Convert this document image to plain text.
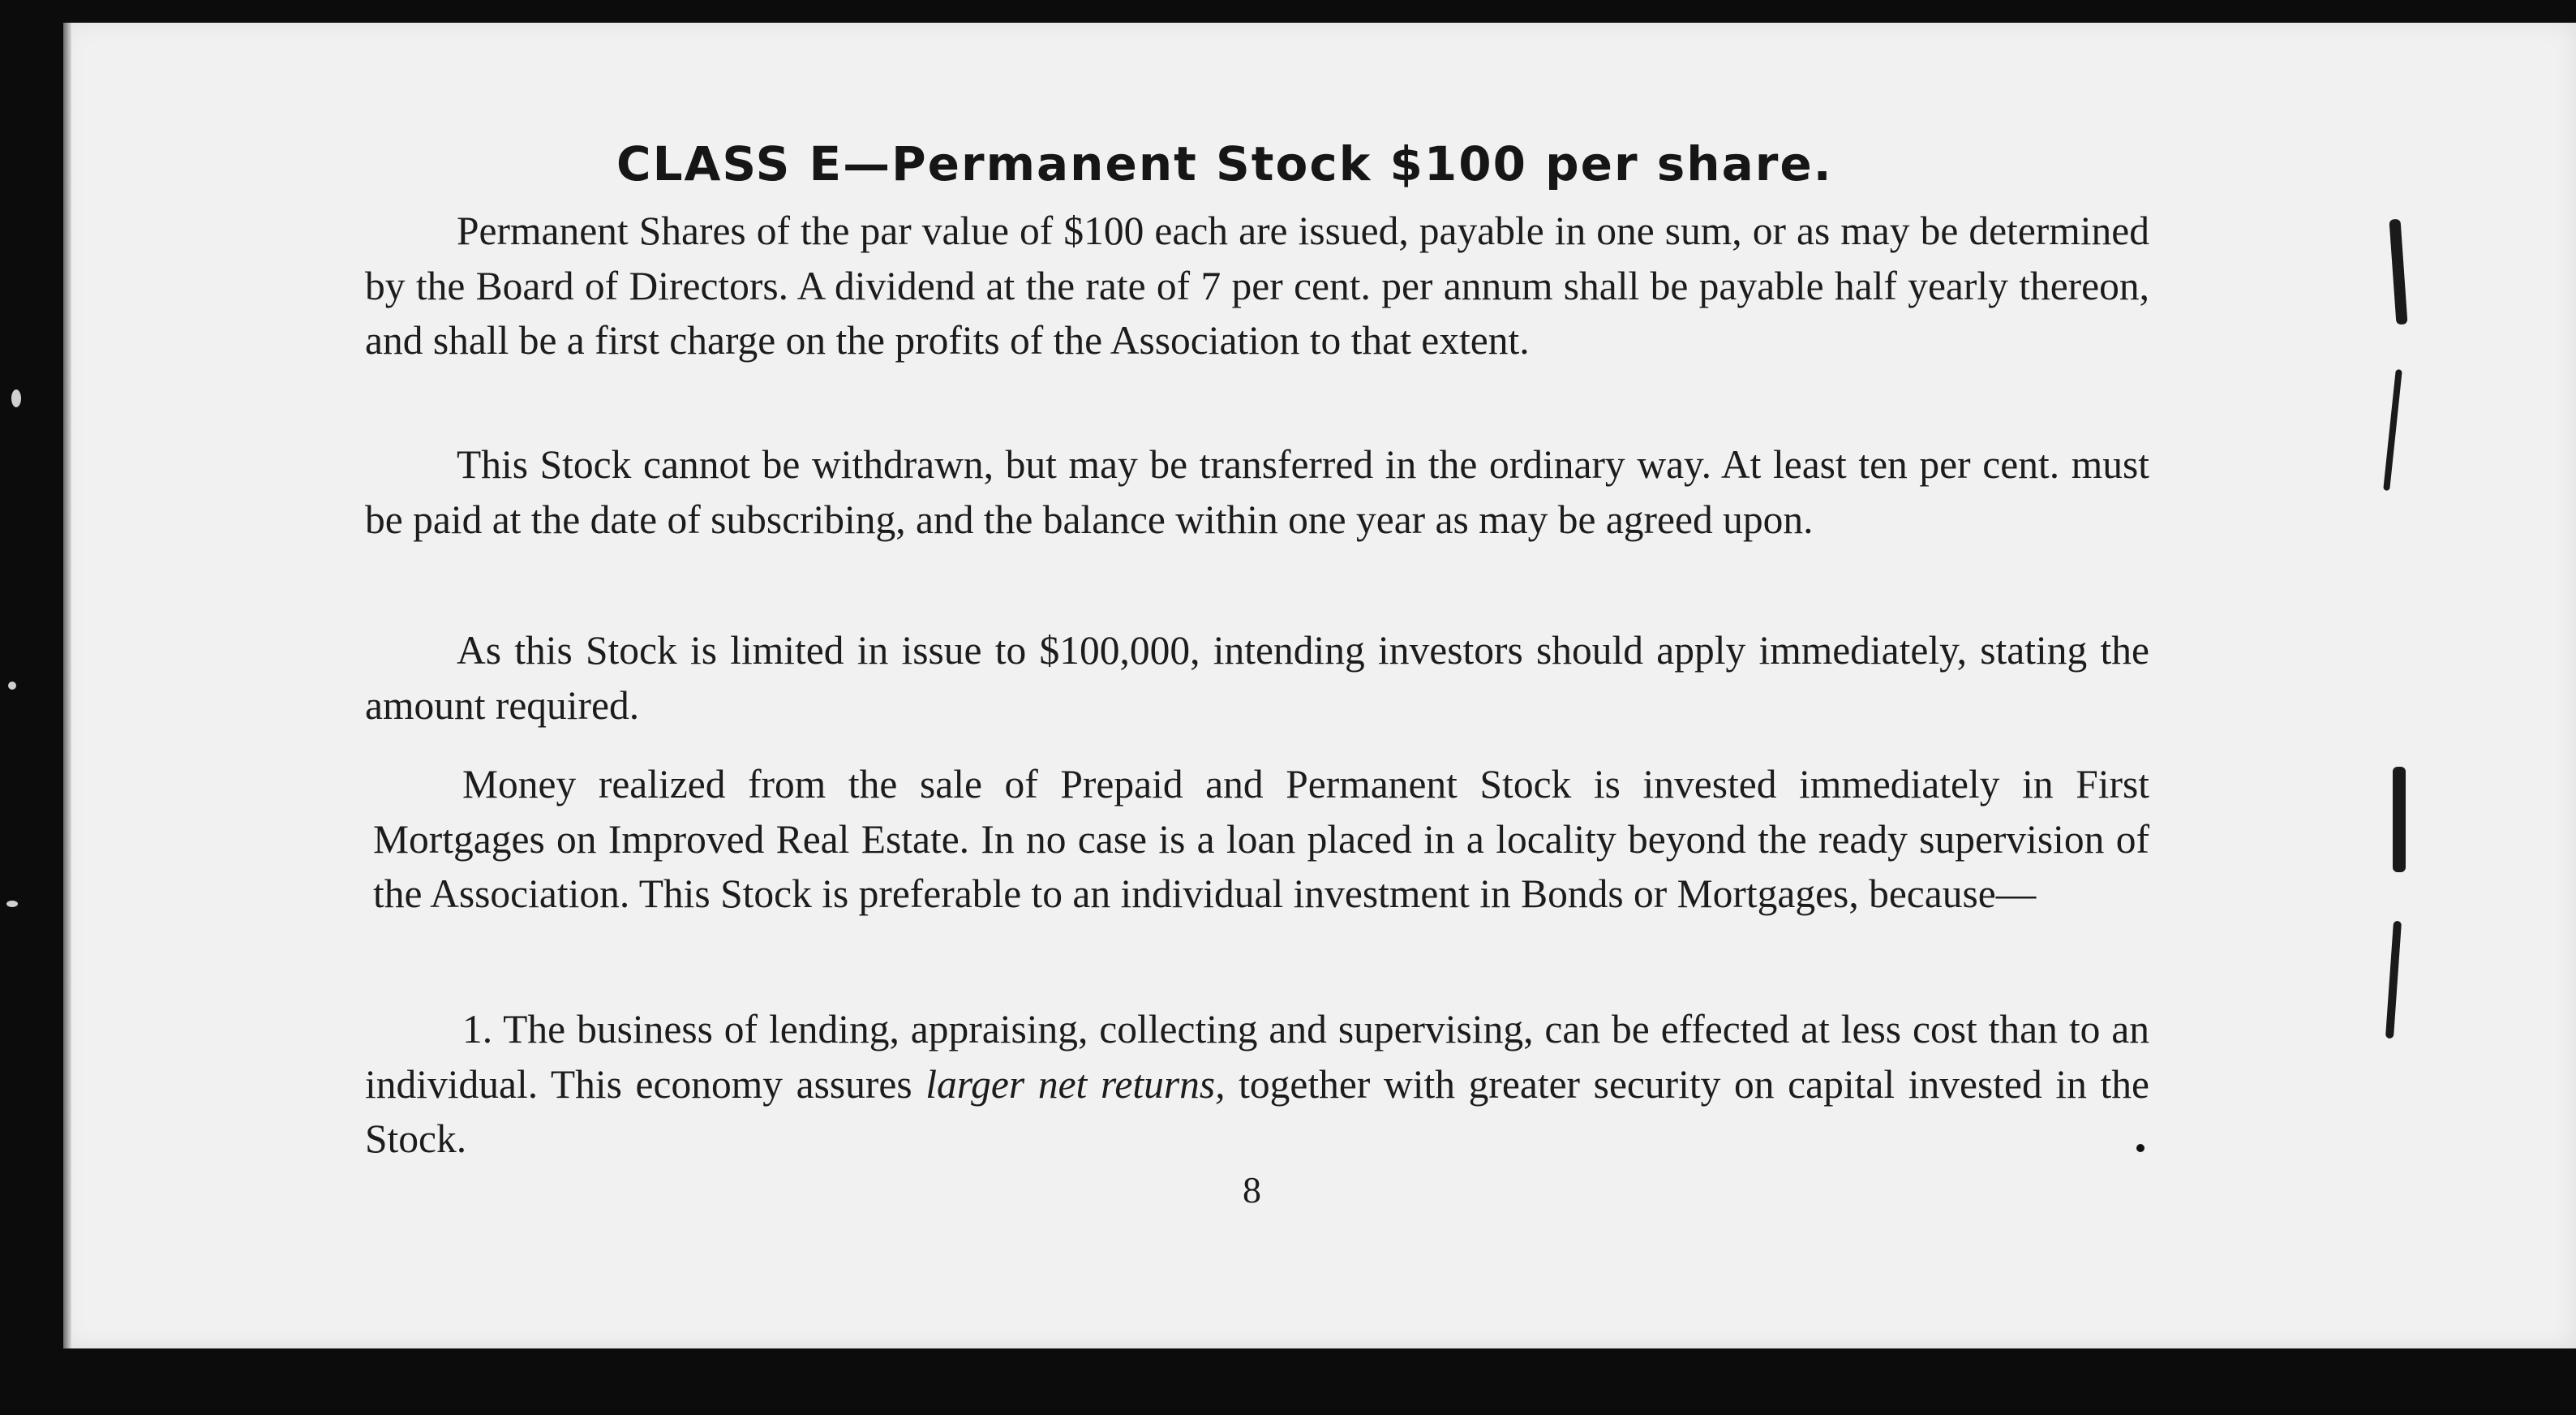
CLASS E—Permanent Stock $100 per share.

Permanent Shares of the par value of $100 each are issued, payable in one sum, or as may be determined by the Board of Directors. A dividend at the rate of 7 per cent. per annum shall be payable half yearly thereon, and shall be a first charge on the profits of the Association to that extent.

This Stock cannot be withdrawn, but may be transferred in the ordinary way. At least ten per cent. must be paid at the date of subscribing, and the balance within one year as may be agreed upon.

As this Stock is limited in issue to $100,000, intending investors should apply immediately, stating the amount required.

Money realized from the sale of Prepaid and Permanent Stock is invested immediately in First Mortgages on Improved Real Estate. In no case is a loan placed in a locality beyond the ready supervision of the Association. This Stock is preferable to an individual investment in Bonds or Mortgages, because—

1. The business of lending, appraising, collecting and supervising, can be effected at less cost than to an individual. This economy assures larger net returns, together with greater security on capital invested in the Stock.

8
